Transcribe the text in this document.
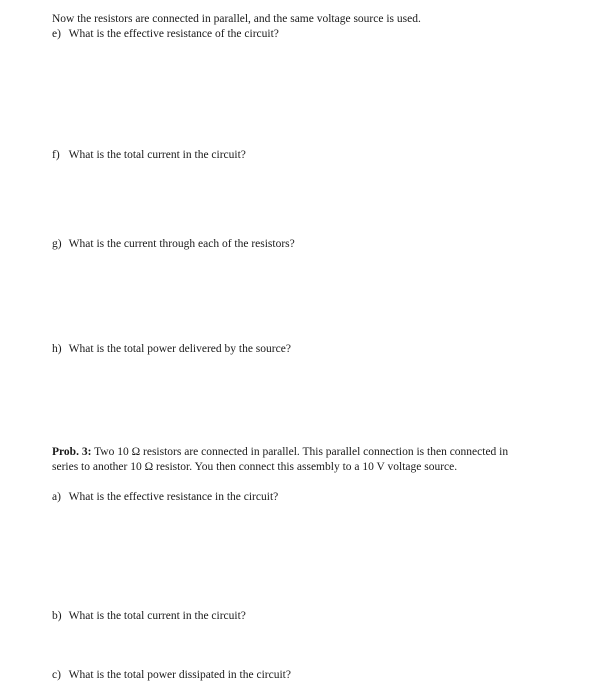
Now the resistors are connected in parallel, and the same voltage source is used.
e) What is the effective resistance of the circuit?
f) What is the total current in the circuit?
g) What is the current through each of the resistors?
h) What is the total power delivered by the source?
Prob. 3: Two 10 Ω resistors are connected in parallel. This parallel connection is then connected in
series to another 10 Ω resistor. You then connect this assembly to a 10 V voltage source.
a) What is the effective resistance in the circuit?
b) What is the total current in the circuit?
c) What is the total power dissipated in the circuit?
